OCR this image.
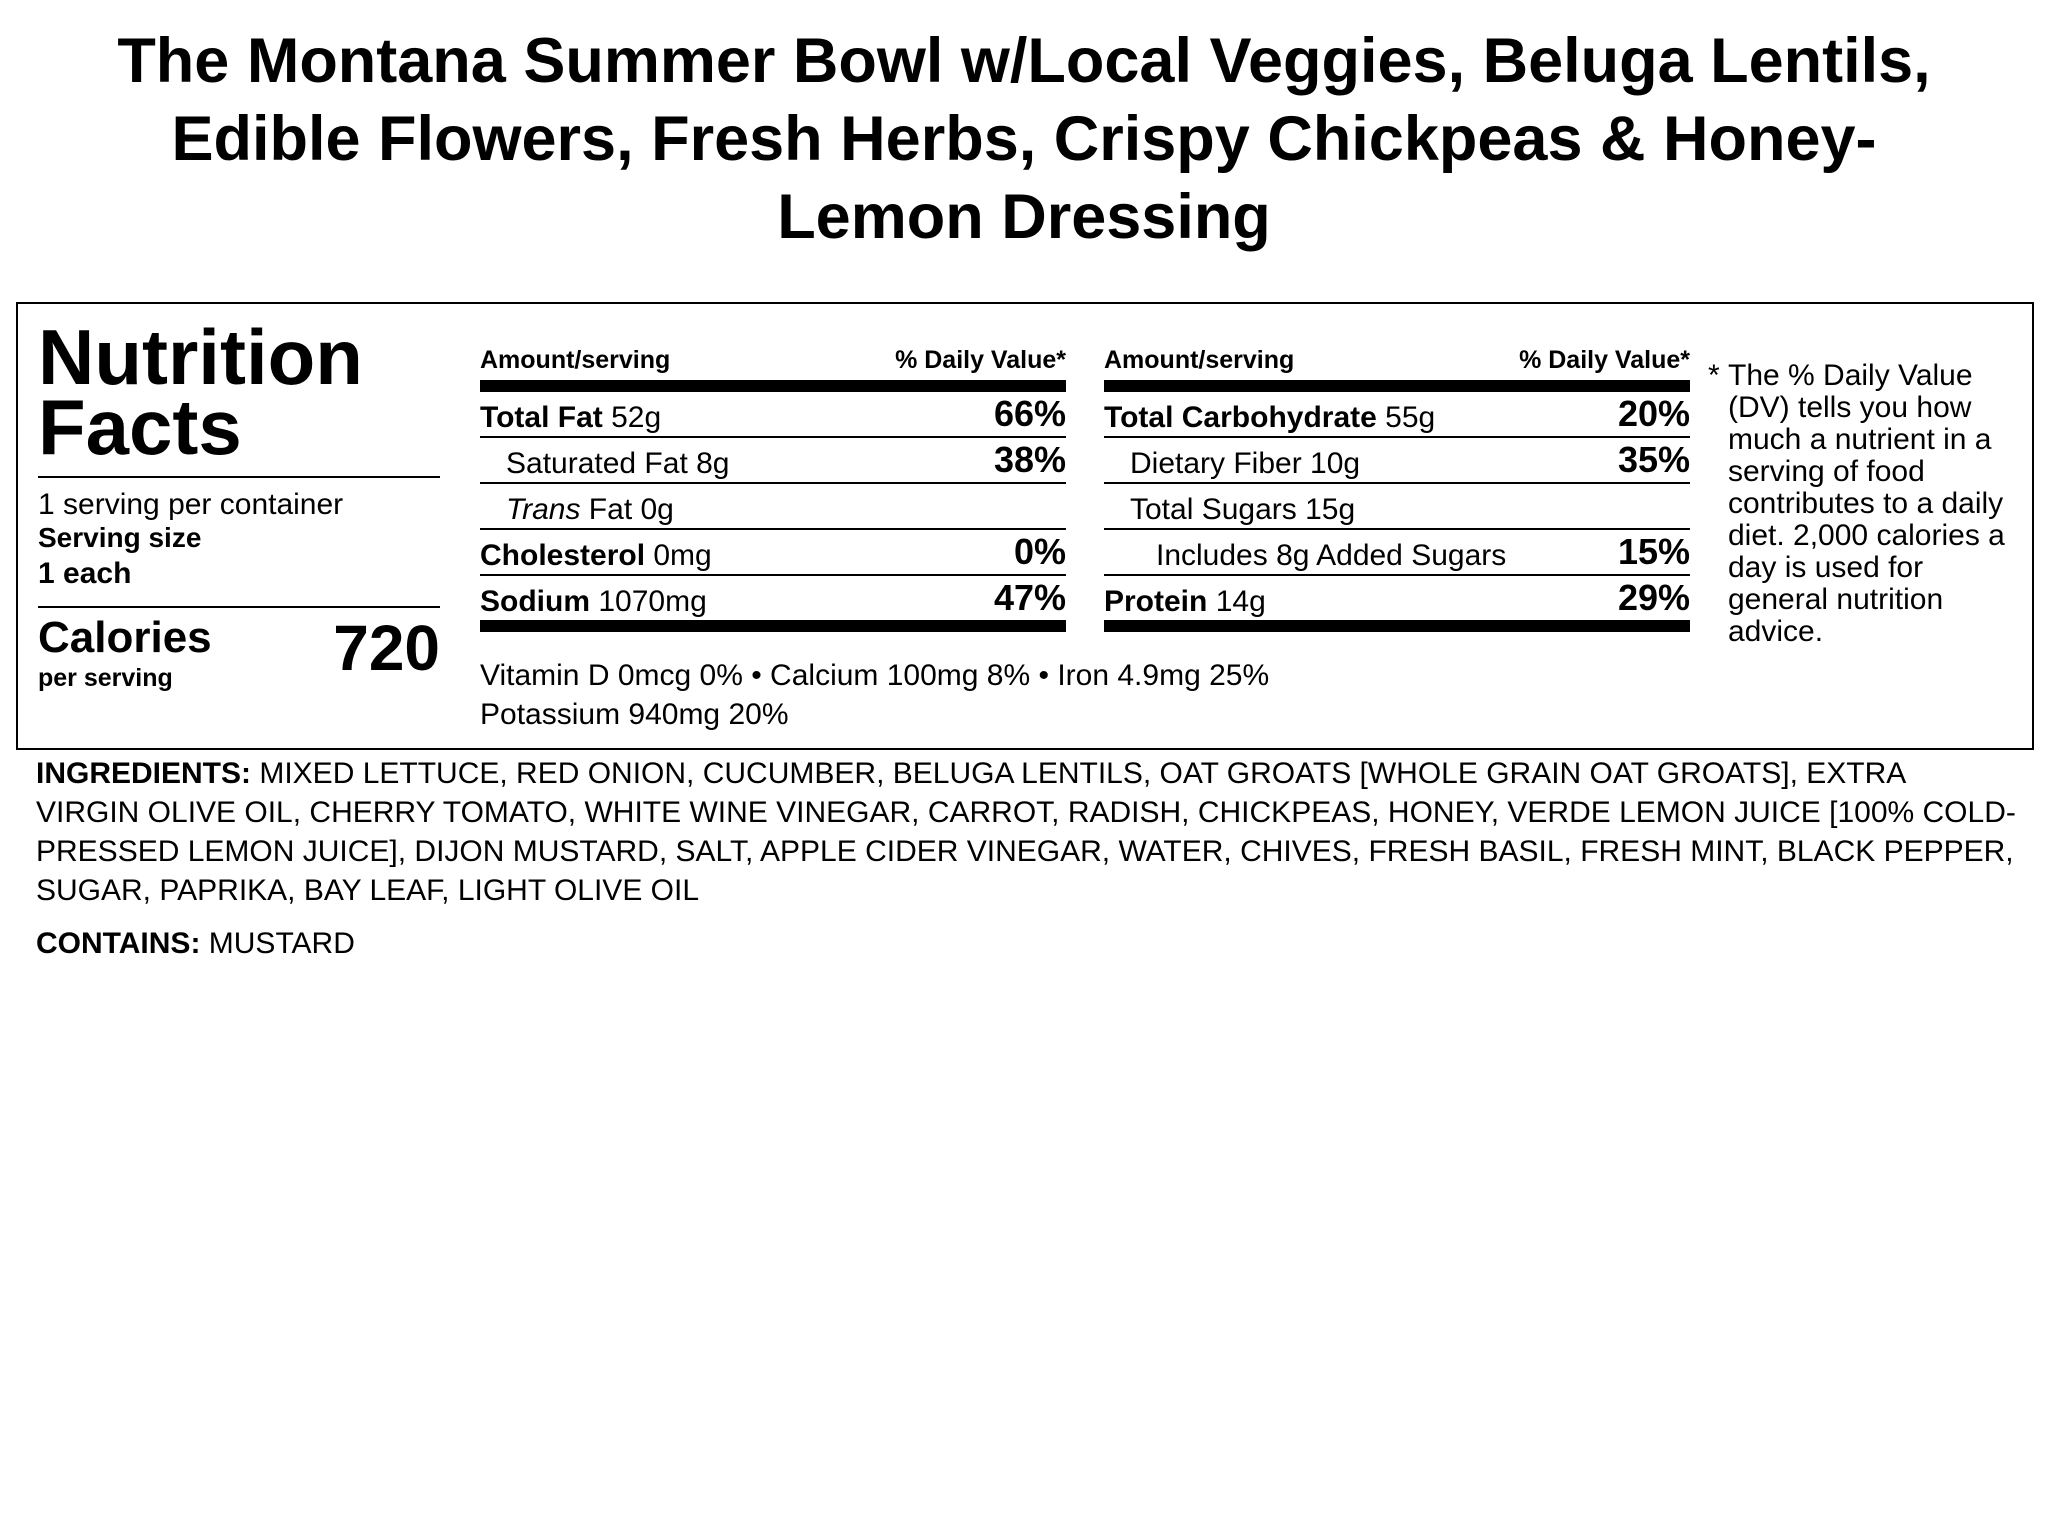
The Montana Summer Bowl w/Local Veggies, Beluga Lentils, Edible Flowers, Fresh Herbs, Crispy Chickpeas & Honey-Lemon Dressing
Nutrition
Facts
1 serving per container
Serving size
1 each
Calories
per serving	720
Amount/serving	% Daily Value*
Total Fat 52g	66%
Saturated Fat 8g	38%
Trans Fat 0g
Cholesterol 0mg	0%
Sodium 1070mg	47%
Amount/serving	% Daily Value*
Total Carbohydrate 55g	20%
Dietary Fiber 10g	35%
Total Sugars 15g
Includes 8g Added Sugars	15%
Protein 14g	29%
Vitamin D 0mcg 0% • Calcium 100mg 8% • Iron 4.9mg 25%
Potassium 940mg 20%
* The % Daily Value (DV) tells you how much a nutrient in a serving of food contributes to a daily diet. 2,000 calories a day is used for general nutrition advice.
INGREDIENTS: MIXED LETTUCE, RED ONION, CUCUMBER, BELUGA LENTILS, OAT GROATS [WHOLE GRAIN OAT GROATS], EXTRA VIRGIN OLIVE OIL, CHERRY TOMATO, WHITE WINE VINEGAR, CARROT, RADISH, CHICKPEAS, HONEY, VERDE LEMON JUICE [100% COLD-PRESSED LEMON JUICE], DIJON MUSTARD, SALT, APPLE CIDER VINEGAR, WATER, CHIVES, FRESH BASIL, FRESH MINT, BLACK PEPPER, SUGAR, PAPRIKA, BAY LEAF, LIGHT OLIVE OIL
CONTAINS: MUSTARD
